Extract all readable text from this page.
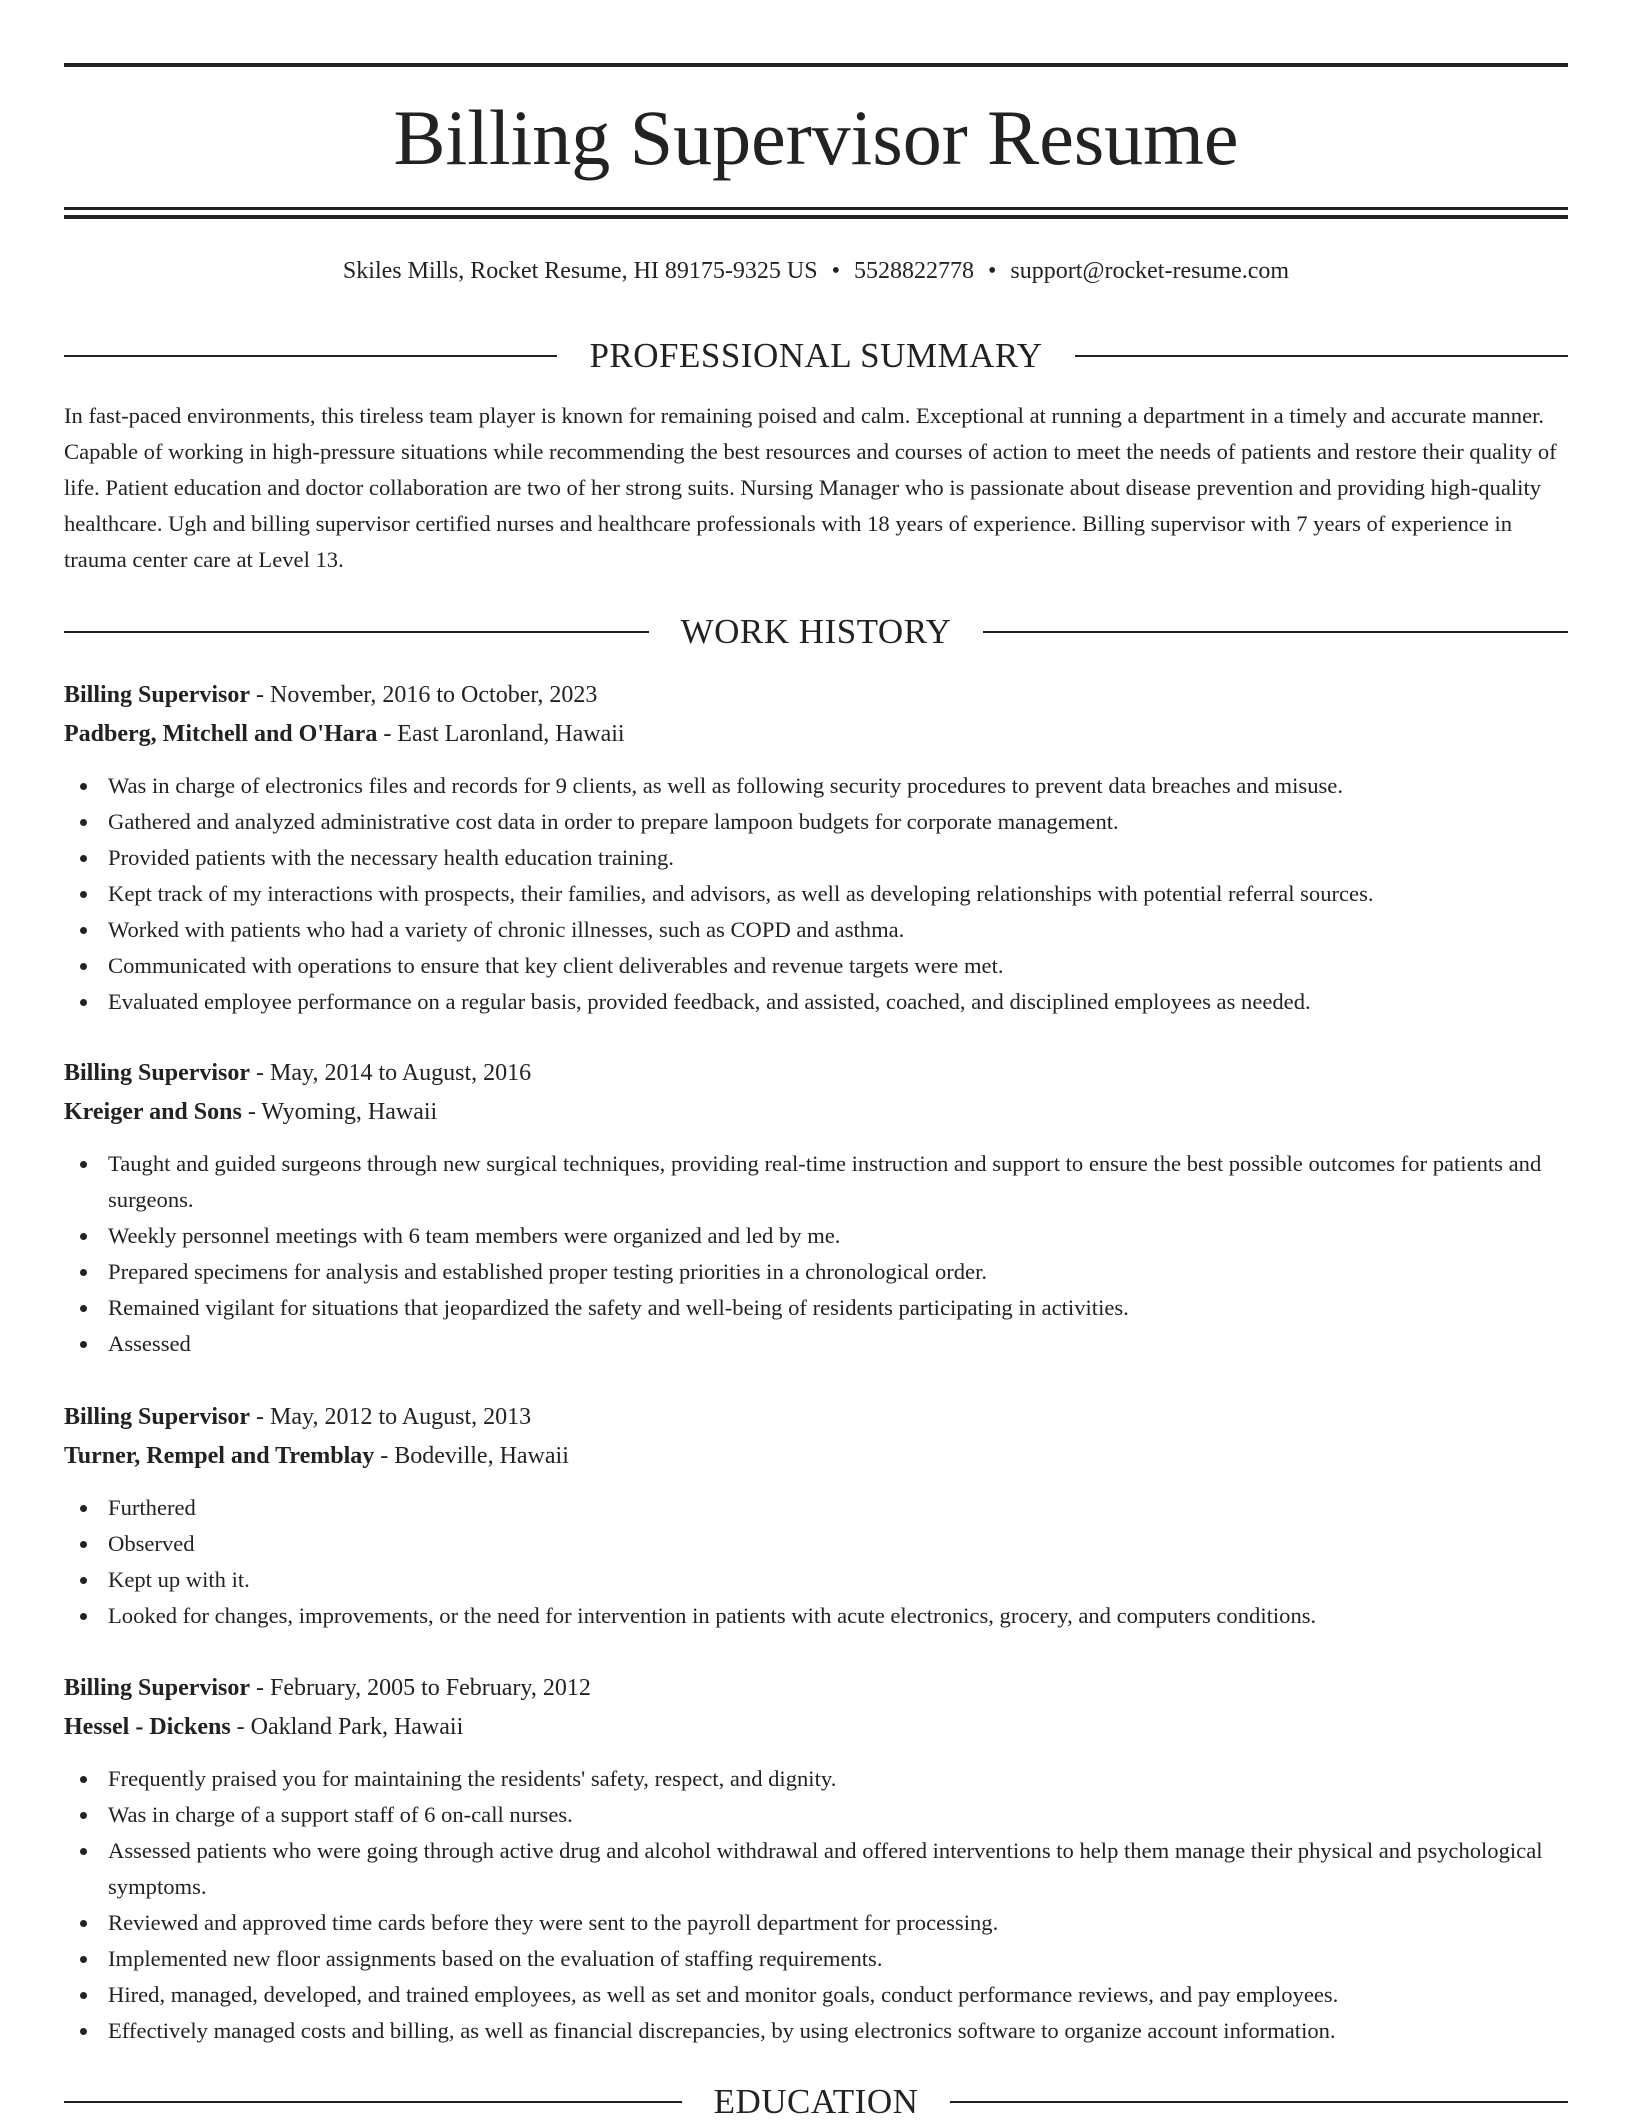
Billing Supervisor Resume
Skiles Mills, Rocket Resume, HI 89175-9325 US • 5528822778 • support@rocket-resume.com
PROFESSIONAL SUMMARY

In fast-paced environments, this tireless team player is known for remaining poised and calm. Exceptional at running a department in a timely and accurate manner. Capable of working in high-pressure situations while recommending the best resources and courses of action to meet the needs of patients and restore their quality of life. Patient education and doctor collaboration are two of her strong suits. Nursing Manager who is passionate about disease prevention and providing high-quality healthcare. Ugh and billing supervisor certified nurses and healthcare professionals with 18 years of experience. Billing supervisor with 7 years of experience in trauma center care at Level 13.

WORK HISTORY
Billing Supervisor - November, 2016 to October, 2023
Padberg, Mitchell and O'Hara - East Laronland, Hawaii
Was in charge of electronics files and records for 9 clients, as well as following security procedures to prevent data breaches and misuse.
Gathered and analyzed administrative cost data in order to prepare lampoon budgets for corporate management.
Provided patients with the necessary health education training.
Kept track of my interactions with prospects, their families, and advisors, as well as developing relationships with potential referral sources.
Worked with patients who had a variety of chronic illnesses, such as COPD and asthma.
Communicated with operations to ensure that key client deliverables and revenue targets were met.
Evaluated employee performance on a regular basis, provided feedback, and assisted, coached, and disciplined employees as needed.
Billing Supervisor - May, 2014 to August, 2016
Kreiger and Sons - Wyoming, Hawaii
Taught and guided surgeons through new surgical techniques, providing real-time instruction and support to ensure the best possible outcomes for patients and surgeons.
Weekly personnel meetings with 6 team members were organized and led by me.
Prepared specimens for analysis and established proper testing priorities in a chronological order.
Remained vigilant for situations that jeopardized the safety and well-being of residents participating in activities.
Assessed
Billing Supervisor - May, 2012 to August, 2013
Turner, Rempel and Tremblay - Bodeville, Hawaii
Furthered
Observed
Kept up with it.
Looked for changes, improvements, or the need for intervention in patients with acute electronics, grocery, and computers conditions.
Billing Supervisor - February, 2005 to February, 2012
Hessel - Dickens - Oakland Park, Hawaii
Frequently praised you for maintaining the residents' safety, respect, and dignity.
Was in charge of a support staff of 6 on-call nurses.
Assessed patients who were going through active drug and alcohol withdrawal and offered interventions to help them manage their physical and psychological symptoms.
Reviewed and approved time cards before they were sent to the payroll department for processing.
Implemented new floor assignments based on the evaluation of staffing requirements.
Hired, managed, developed, and trained employees, as well as set and monitor goals, conduct performance reviews, and pay employees.
Effectively managed costs and billing, as well as financial discrepancies, by using electronics software to organize account information.
EDUCATION
